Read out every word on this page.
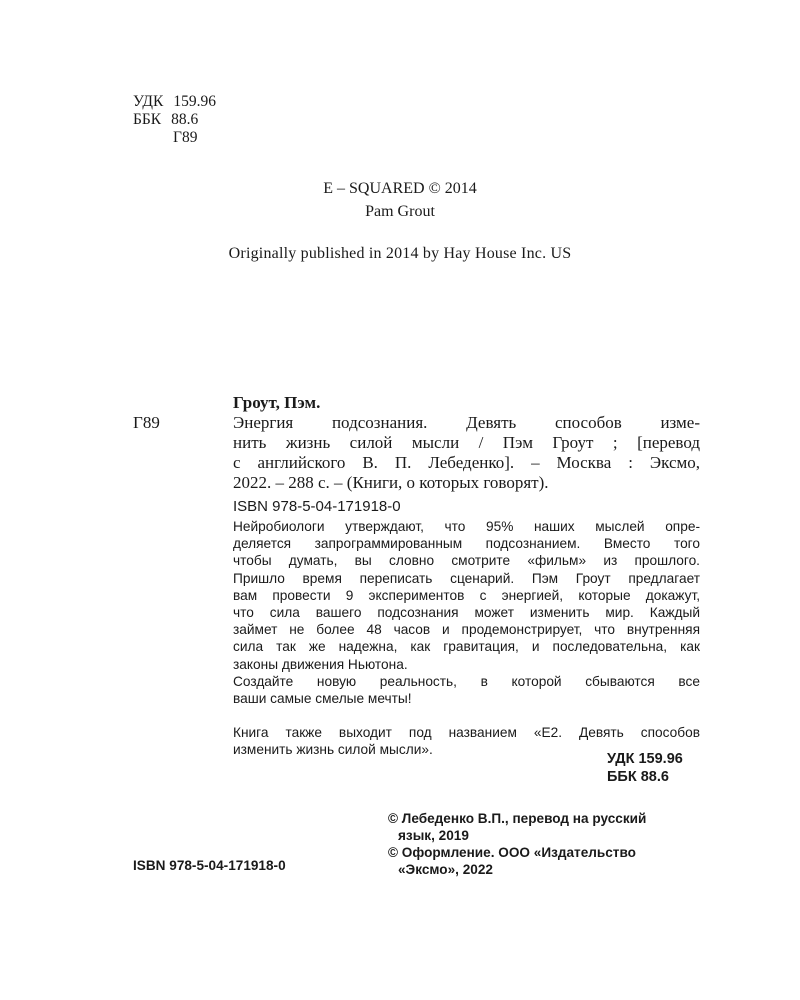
УДК 159.96
ББК 88.6
Г89
E – SQUARED © 2014
Pam Grout
Originally published in 2014 by Hay House Inc. US
Гроут, Пэм.
Г89	Энергия подсознания. Девять способов изме-
нить жизнь силой мысли / Пэм Гроут ; [перевод
с английского В. П. Лебеденко]. – Москва : Эксмо,
2022. – 288 с. – (Книги, о которых говорят).
ISBN 978-5-04-171918-0
Нейробиологи утверждают, что 95% наших мыслей опре-
деляется запрограммированным подсознанием. Вместо того
чтобы думать, вы словно смотрите «фильм» из прошлого.
Пришло время переписать сценарий. Пэм Гроут предлагает
вам провести 9 экспериментов с энергией, которые докажут,
что сила вашего подсознания может изменить мир. Каждый
займет не более 48 часов и продемонстрирует, что внутренняя
сила так же надежна, как гравитация, и последовательна, как
законы движения Ньютона.
Создайте новую реальность, в которой сбываются все
ваши самые смелые мечты!
Книга также выходит под названием «Е2. Девять способов
изменить жизнь силой мысли».
УДК 159.96
ББК 88.6
© Лебеденко В.П., перевод на русский
язык, 2019
© Оформление. ООО «Издательство
«Эксмо», 2022
ISBN 978-5-04-171918-0
